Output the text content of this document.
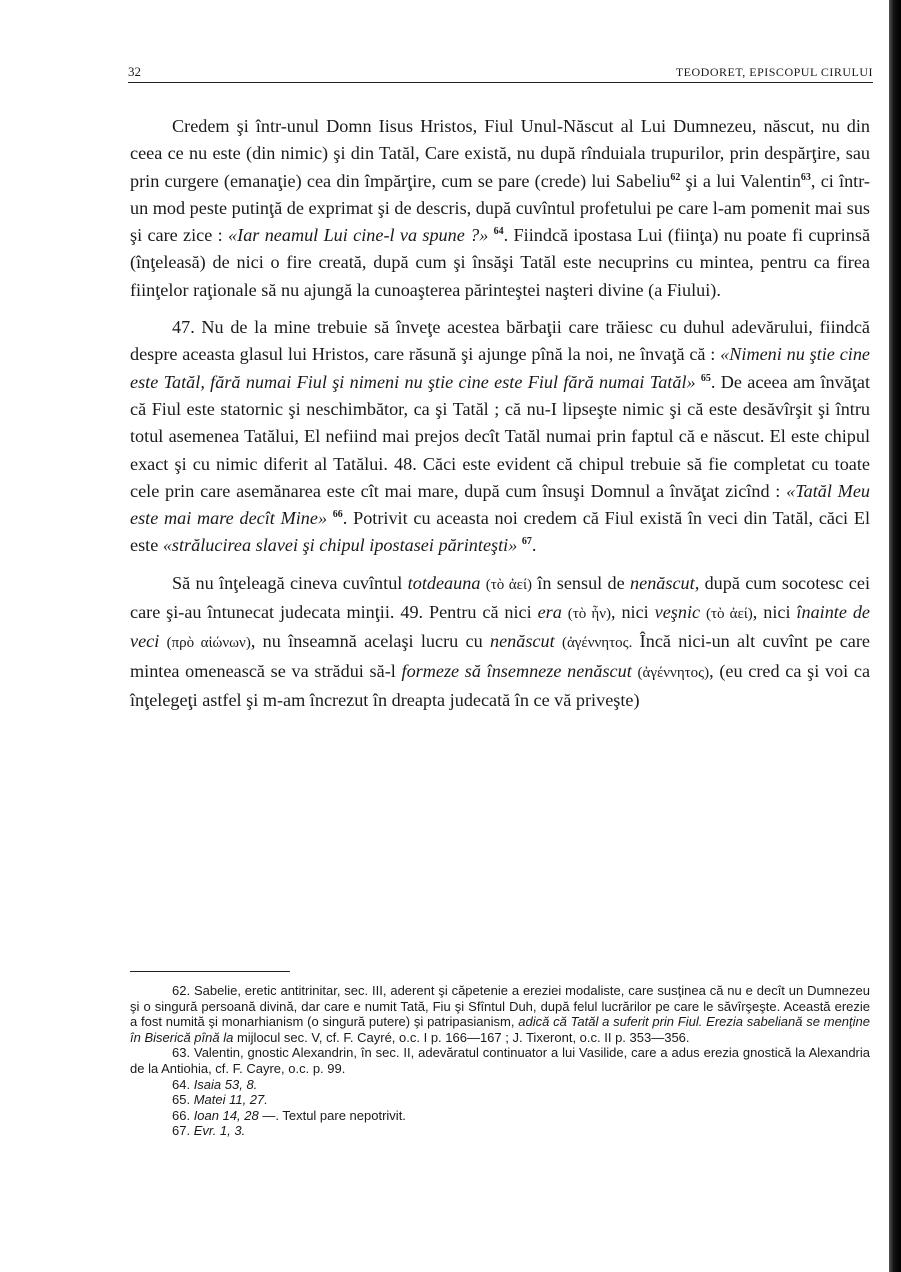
32	TEODORET, EPISCOPUL CIRULUI

Credem şi într-unul Domn Iisus Hristos, Fiul Unul-Născut al Lui Dumnezeu, născut, nu din ceea ce nu este (din nimic) şi din Tatăl, Care există, nu după rînduiala trupurilor, prin despărţire, sau prin curgere (emanaţie) cea din împărţire, cum se pare (crede) lui Sabeliu$^{62}$ şi a lui Valentin$^{63}$, ci într-un mod peste putinţă de exprimat şi de descris, după cuvîntul profetului pe care l-am pomenit mai sus şi care zice : «Iar neamul Lui cine-l va spune ?» $^{64}$. Fiindcă ipostasa Lui (fiinţa) nu poate fi cuprinsă (înţeleasă) de nici o fire creată, după cum şi însăşi Tatăl este necuprins cu mintea, pentru ca firea fiinţelor raţionale să nu ajungă la cunoaşterea părinteştei naşteri divine (a Fiului).

47. Nu de la mine trebuie să înveţe acestea bărbaţii care trăiesc cu duhul adevărului, fiindcă despre aceasta glasul lui Hristos, care răsună şi ajunge pînă la noi, ne învaţă că : «Nimeni nu ştie cine este Tatăl, fără numai Fiul şi nimeni nu ştie cine este Fiul fără numai Tatăl» $^{65}$. De aceea am învăţat că Fiul este statornic şi neschimbător, ca şi Tatăl ; că nu-I lipseşte nimic şi că este desăvîrşit şi întru totul asemenea Tatălui, El nefiind mai prejos decît Tatăl numai prin faptul că e născut. El este chipul exact şi cu nimic diferit al Tatălui. 48. Căci este evident că chipul trebuie să fie completat cu toate cele prin care asemănarea este cît mai mare, după cum însuşi Domnul a învăţat zicînd : «Tatăl Meu este mai mare decît Mine» $^{66}$. Potrivit cu aceasta noi credem că Fiul există în veci din Tatăl, căci El este «strălucirea slavei şi chipul ipostasei părinteşti» $^{67}$.

Să nu înţeleagă cineva cuvîntul totdeauna (τὸ ἀεί) în sensul de nenăscut, după cum socotesc cei care şi-au întunecat judecata minţii. 49. Pentru că nici era (τὸ ἦν), nici veşnic (τὸ ἀεί), nici înainte de veci (πρὸ αἰώνων), nu înseamnă acelaşi lucru cu nenăscut (ἀγέννητος. Încă nici-un alt cuvînt pe care mintea omenească se va strădui să-l formeze să însemneze nenăscut (ἀγέννητος), (eu cred ca şi voi ca înţelegeţi astfel şi m-am încrezut în dreapta judecată în ce vă priveşte)

62. Sabelie, eretic antitrinitar, sec. III, aderent şi căpetenie a ereziei modaliste, care susţinea că nu e decît un Dumnezeu şi o singură persoană divină, dar care e numit Tată, Fiu şi Sfîntul Duh, după felul lucrărilor pe care le săvîrşeşte. Această erezie a fost numită şi monarhianism (o singură putere) şi patripasianism, adică că Tatăl a suferit prin Fiul. Erezia sabeliană se menţine în Biserică pînă la mijlocul sec. V, cf. F. Cayré, o.c. I p. 166—167 ; J. Tixeront, o.c. II p. 353—356.

63. Valentin, gnostic Alexandrin, în sec. II, adevăratul continuator a lui Vasilide, care a adus erezia gnostică la Alexandria de la Antiohia, cf. F. Cayre, o.c. p. 99.

64. Isaia 53, 8.

65. Matei 11, 27.

66. Ioan 14, 28 —. Textul pare nepotrivit.

67. Evr. 1, 3.
